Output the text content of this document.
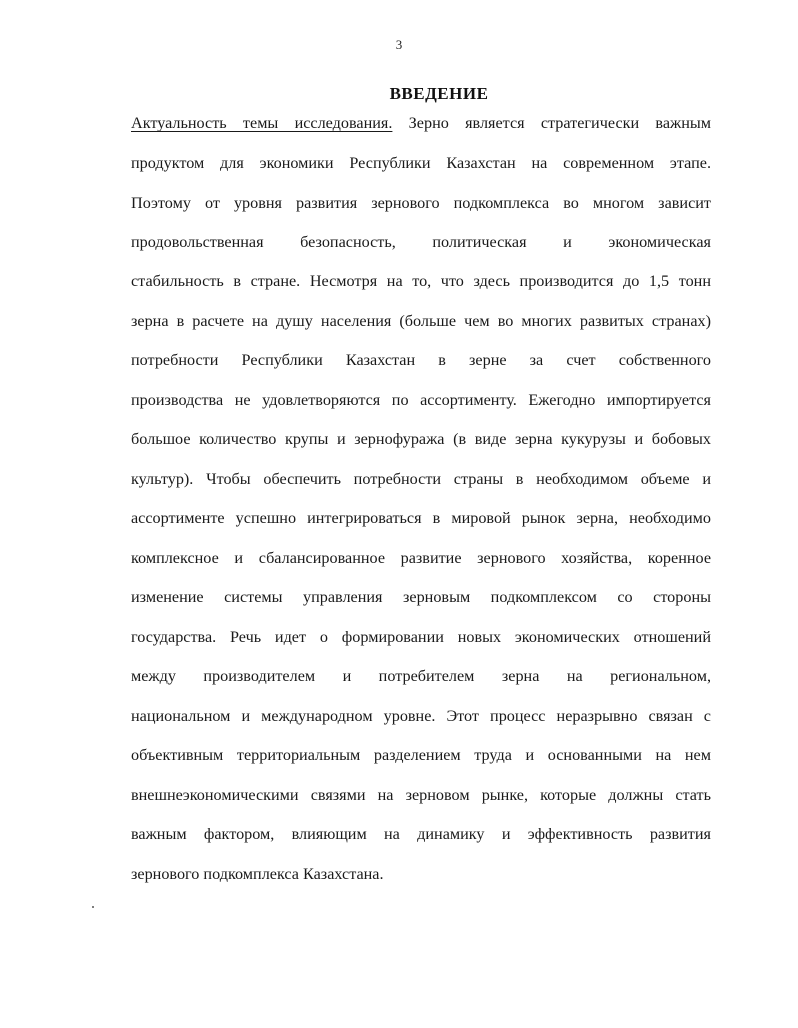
3
ВВЕДЕНИЕ
Актуальность темы исследования. Зерно является стратегически важным
продуктом для экономики Республики Казахстан на современном этапе.
Поэтому от уровня развития зернового подкомплекса во многом зависит
продовольственная безопасность, политическая и экономическая
стабильность в стране. Несмотря на то, что здесь производится до 1,5 тонн
зерна в расчете на душу населения (больше чем во многих развитых странах)
потребности Республики Казахстан в зерне за счет собственного
производства не удовлетворяются по ассортименту. Ежегодно импортируется
большое количество крупы и зернофуража (в виде зерна кукурузы и бобовых
культур). Чтобы обеспечить потребности страны в необходимом объеме и
ассортименте успешно интегрироваться в мировой рынок зерна, необходимо
комплексное и сбалансированное развитие зернового хозяйства, коренное
изменение системы управления зерновым подкомплексом со стороны
государства. Речь идет о формировании новых экономических отношений
между производителем и потребителем зерна на региональном,
национальном и международном уровне. Этот процесс неразрывно связан с
объективным территориальным разделением труда и основанными на нем
внешнеэкономическими связями на зерновом рынке, которые должны стать
важным фактором, влияющим на динамику и эффективность развития
зернового подкомплекса Казахстана.
